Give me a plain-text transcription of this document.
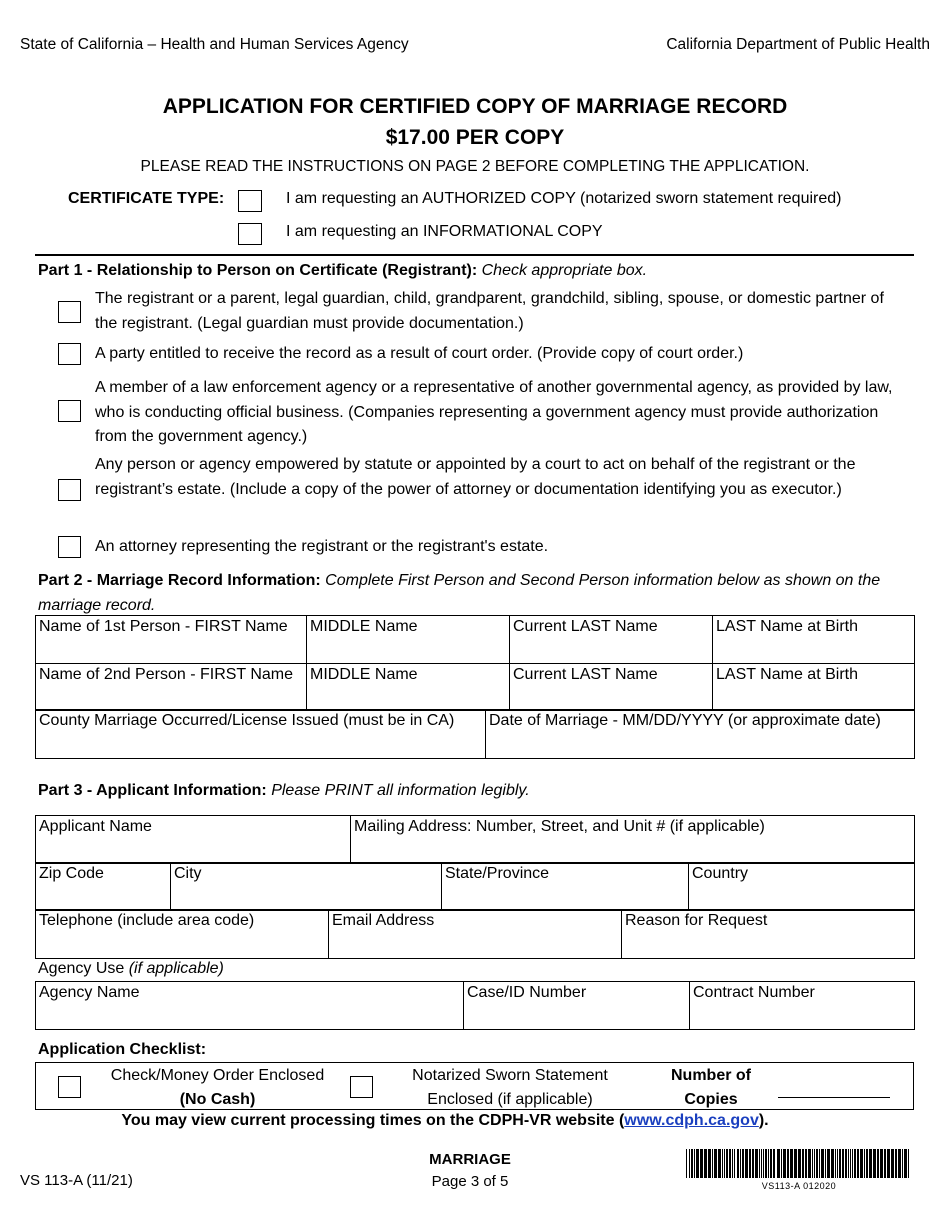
State of California – Health and Human Services Agency	California Department of Public Health
APPLICATION FOR CERTIFIED COPY OF MARRIAGE RECORD
$17.00 PER COPY
PLEASE READ THE INSTRUCTIONS ON PAGE 2 BEFORE COMPLETING THE APPLICATION.
CERTIFICATE TYPE:	I am requesting an AUTHORIZED COPY (notarized sworn statement required)
I am requesting an INFORMATIONAL COPY
Part 1 - Relationship to Person on Certificate (Registrant): Check appropriate box.
The registrant or a parent, legal guardian, child, grandparent, grandchild, sibling, spouse, or domestic partner of the registrant. (Legal guardian must provide documentation.)
A party entitled to receive the record as a result of court order. (Provide copy of court order.)
A member of a law enforcement agency or a representative of another governmental agency, as provided by law, who is conducting official business. (Companies representing a government agency must provide authorization from the government agency.)
Any person or agency empowered by statute or appointed by a court to act on behalf of the registrant or the registrant’s estate. (Include a copy of the power of attorney or documentation identifying you as executor.)
An attorney representing the registrant or the registrant's estate.
Part 2 - Marriage Record Information: Complete First Person and Second Person information below as shown on the marriage record.
Name of 1st Person - FIRST Name	MIDDLE Name	Current LAST Name	LAST Name at Birth
Name of 2nd Person - FIRST Name	MIDDLE Name	Current LAST Name	LAST Name at Birth
County Marriage Occurred/License Issued (must be in CA)	Date of Marriage - MM/DD/YYYY (or approximate date)
Part 3 - Applicant Information: Please PRINT all information legibly.
Applicant Name	Mailing Address: Number, Street, and Unit # (if applicable)
Zip Code	City	State/Province	Country
Telephone (include area code)	Email Address	Reason for Request
Agency Use (if applicable)
Agency Name	Case/ID Number	Contract Number
Application Checklist:
Check/Money Order Enclosed
(No Cash)
Notarized Sworn Statement
Enclosed (if applicable)
Number of
Copies
You may view current processing times on the CDPH-VR website (www.cdph.ca.gov).
VS 113-A (11/21)
MARRIAGE
Page 3 of 5	VS113-A 012020
